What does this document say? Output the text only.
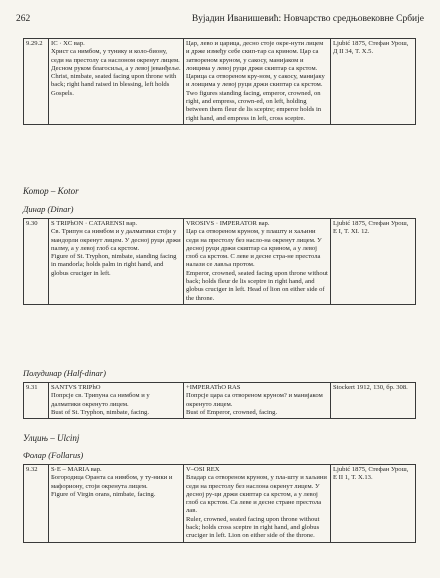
262	Вујадин Иванишевић: Новчарство средњовековне Србије
9.29.2	IC · XC вар.
Христ са нимбом, у тунику и коло-биону, седи на престолу са наслоном окренут лицем. Десном руком благосиља, а у левој јеванђеље.
Christ, nimbate, seated facing upon throne with back; right hand raised in blessing, left holds Gospels.

Цар, лево и царица, десно стоје окре-нути лицем и држе између себе скип-тар са крином. Цар са затвореном круном, у сакосу, манијаком и лоицима у левој руци држи скиптар са крстом. Царица са отвореном кру-ном, у сакосу, манијаку и лоицима у левој руци држи скиптар са крстом.
Two figures standing facing, emperor, crowned, on right, and empress, crown-ed, on left, holding between them fleur de lis sceptre; emperor holds in right hand, and empress in left, cross sceptre.
	Ljubić 1875, Стефан Урош, Д II 34, Т. X.5.
Котор – Kotor
Динар (Dinar)
9.30	S TRIPhON · CATARENSI вар.
Св. Трипун са нимбом и у далматики стоји у мандорли окренут лицем. У десној руци држи палму, а у левој глоб са крстом.
Figure of St. Tryphon, nimbate, standing facing in mandorla; holds palm in right hand, and globus cruciger in left.

VROSIVS · IMPERATOR вар.
Цар са отвореном круном, у плашту и хаљини седи на престолу без насло-на окренут лицем. У десној руци држи скиптар са крином, а у левој глоб са крстом. С леве и десне стра-не престола налази се лавља протом.
Emperor, crowned, seated facing upon throne without back; holds fleur de lis sceptre in right hand, and globus cruciger in left. Head of lion on either side of the throne.
	Ljubić 1875, Стефан Урош, Е I, Т. XI. 12.
Полудинар (Half-dinar)
9.31	SANTVS TRIPhO
Попрсје св. Трипуна са нимбом и у далматики окренуто лицем.
Bust of St. Tryphon, nimbate, facing.

+IMPERAThO RAS
Попрсје цара са отвореном круном? и манијаком окренуто лицем.
Bust of Emperor, crowned, facing.
	Stockert 1912, 130, бр. 308.
Улцињ – Ulcinj
Фолар (Follarus)
9.32	S·E – MARIA вар.
Богородица Оранта са нимбом, у ту-ники и мафорионy, стоји окренута лицем.
Figure of Virgin orans, nimbate, facing.

V–OSI REX
Владар са отвореном круном, у пла-шту и хаљини седи на престолу без наслона окренут лицем. У десној ру-ци држи скиптар са крстом, а у левој глоб са крстом. Са леве и десне стране престола лав.
Ruler, crowned, seated facing upon throne without back; holds cross sceptre in right hand, and globus cruciger in left. Lion on either side of the throne.
	Ljubić 1875, Стефан Урош, Е II 1, Т. X.13.
